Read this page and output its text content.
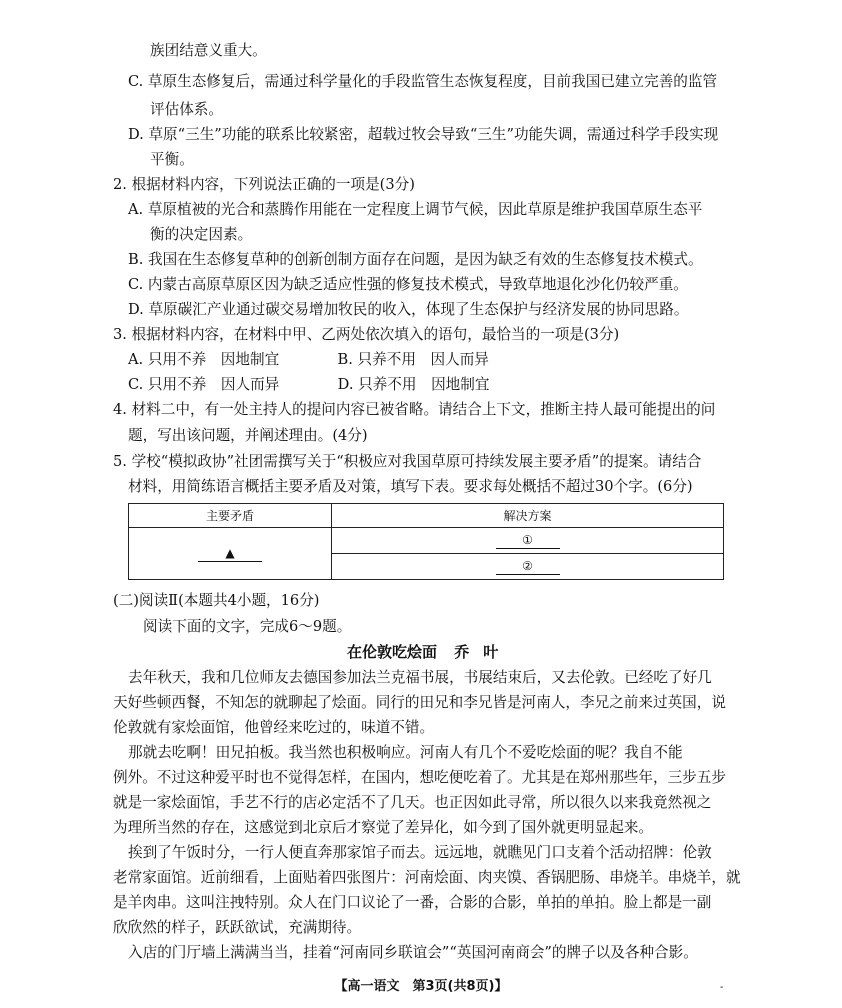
族团结意义重大。
C. 草原生态修复后，需通过科学量化的手段监管生态恢复程度，目前我国已建立完善的监管
评估体系。
D. 草原“三生”功能的联系比较紧密，超载过牧会导致“三生”功能失调，需通过科学手段实现
平衡。
2. 根据材料内容，下列说法正确的一项是(3分)
A. 草原植被的光合和蒸腾作用能在一定程度上调节气候，因此草原是维护我国草原生态平
衡的决定因素。
B. 我国在生态修复草种的创新创制方面存在问题，是因为缺乏有效的生态修复技术模式。
C. 内蒙古高原草原区因为缺乏适应性强的修复技术模式，导致草地退化沙化仍较严重。
D. 草原碳汇产业通过碳交易增加牧民的收入，体现了生态保护与经济发展的协同思路。
3. 根据材料内容，在材料中甲、乙两处依次填入的语句，最恰当的一项是(3分)
A. 只用不养　因地制宜　　　　B. 只养不用　因人而异
C. 只用不养　因人而异　　　　D. 只养不用　因地制宜
4. 材料二中，有一处主持人的提问内容已被省略。请结合上下文，推断主持人最可能提出的问
题，写出该问题，并阐述理由。(4分)
5. 学校“模拟政协”社团需撰写关于“积极应对我国草原可持续发展主要矛盾”的提案。请结合
材料，用简练语言概括主要矛盾及对策，填写下表。要求每处概括不超过30个字。(6分)
主要矛盾	解决方案
▲	①
	②
(二)阅读Ⅱ(本题共4小题，16分)
阅读下面的文字，完成6～9题。
在伦敦吃烩面 乔叶
去年秋天，我和几位师友去德国参加法兰克福书展，书展结束后，又去伦敦。已经吃了好几
天好些顿西餐，不知怎的就聊起了烩面。同行的田兄和李兄皆是河南人，李兄之前来过英国，说
伦敦就有家烩面馆，他曾经来吃过的，味道不错。
那就去吃啊！田兄拍板。我当然也积极响应。河南人有几个不爱吃烩面的呢？我自不能
例外。不过这种爱平时也不觉得怎样，在国内，想吃便吃着了。尤其是在郑州那些年，三步五步
就是一家烩面馆，手艺不行的店必定活不了几天。也正因如此寻常，所以很久以来我竟然视之
为理所当然的存在，这感觉到北京后才察觉了差异化，如今到了国外就更明显起来。
挨到了午饭时分，一行人便直奔那家馆子而去。远远地，就瞧见门口支着个活动招牌：伦敦
老常家面馆。近前细看，上面贴着四张图片：河南烩面、肉夹馍、香锅肥肠、串烧羊。串烧羊，就
是羊肉串。这叫注拽特别。众人在门口议论了一番，合影的合影，单拍的单拍。脸上都是一副
欣欣然的样子，跃跃欲试，充满期待。
入店的门厅墙上满满当当，挂着“河南同乡联谊会”“英国河南商会”的牌子以及各种合影。
【高一语文　第3页(共8页)】	-
